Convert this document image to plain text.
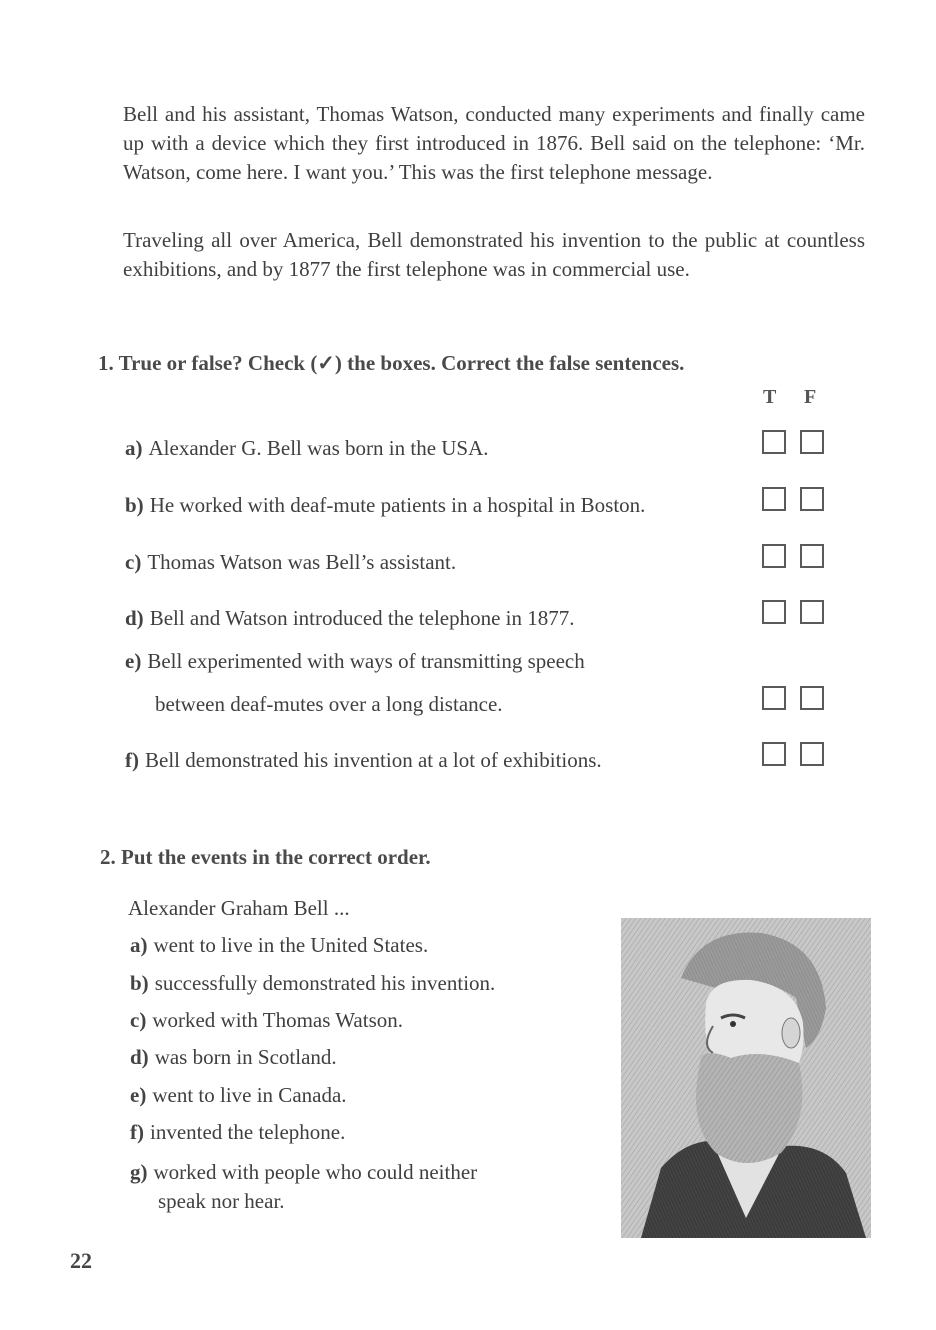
Bell and his assistant, Thomas Watson, conducted many experiments and finally came up with a device which they first introduced in 1876. Bell said on the telephone: ‘Mr. Watson, come here. I want you.’ This was the first telephone message.

Traveling all over America, Bell demonstrated his invention to the public at countless exhibitions, and by 1877 the first telephone was in commercial use.

1. True or false? Check (✓) the boxes. Correct the false sentences.
T F
a) Alexander G. Bell was born in the USA.
b) He worked with deaf-mute patients in a hospital in Boston.
c) Thomas Watson was Bell’s assistant.
d) Bell and Watson introduced the telephone in 1877.
e) Bell experimented with ways of transmitting speech
between deaf-mutes over a long distance.
f) Bell demonstrated his invention at a lot of exhibitions.
2. Put the events in the correct order.
Alexander Graham Bell ...
a) went to live in the United States.
b) successfully demonstrated his invention.
c) worked with Thomas Watson.
d) was born in Scotland.
e) went to live in Canada.
f) invented the telephone.
g) worked with people who could neither
speak nor hear.
22
